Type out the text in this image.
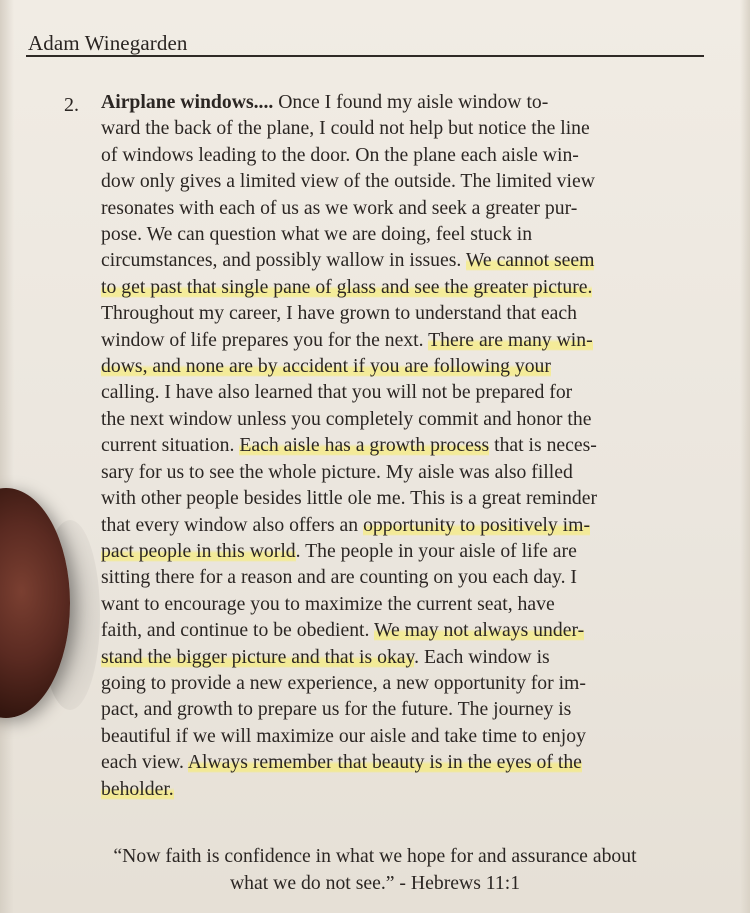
Adam Winegarden
2. Airplane windows.... Once I found my aisle window to-
ward the back of the plane, I could not help but notice the line
of windows leading to the door. On the plane each aisle win-
dow only gives a limited view of the outside. The limited view
resonates with each of us as we work and seek a greater pur-
pose. We can question what we are doing, feel stuck in
circumstances, and possibly wallow in issues. We cannot seem
to get past that single pane of glass and see the greater picture.
Throughout my career, I have grown to understand that each
window of life prepares you for the next. There are many win-
dows, and none are by accident if you are following your
calling. I have also learned that you will not be prepared for
the next window unless you completely commit and honor the
current situation. Each aisle has a growth process that is neces-
sary for us to see the whole picture. My aisle was also filled
with other people besides little ole me. This is a great reminder
that every window also offers an opportunity to positively im-
pact people in this world. The people in your aisle of life are
sitting there for a reason and are counting on you each day. I
want to encourage you to maximize the current seat, have
faith, and continue to be obedient. We may not always under-
stand the bigger picture and that is okay. Each window is
going to provide a new experience, a new opportunity for im-
pact, and growth to prepare us for the future. The journey is
beautiful if we will maximize our aisle and take time to enjoy
each view. Always remember that beauty is in the eyes of the
beholder.
“Now faith is confidence in what we hope for and assurance about
what we do not see.” - Hebrews 11:1
